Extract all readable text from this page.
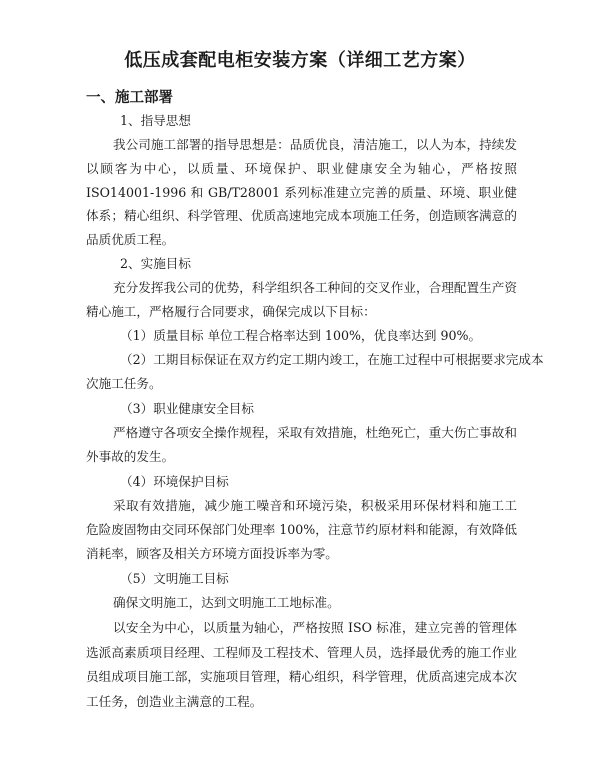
低压成套配电柜安装方案（详细工艺方案）
一、施工部署
1、指导思想
我公司施工部署的指导思想是：品质优良，清洁施工，以人为本，持续发
以顾客为中心，以质量、环境保护、职业健康安全为轴心，严格按照
ISO14001-1996 和 GB/T28001 系列标准建立完善的质量、环境、职业健
体系；精心组织、科学管理、优质高速地完成本项施工任务，创造顾客满意的
品质优质工程。
2、实施目标
充分发挥我公司的优势，科学组织各工种间的交叉作业，合理配置生产资
精心施工，严格履行合同要求，确保完成以下目标：
（1）质量目标 单位工程合格率达到 100%，优良率达到 90%。
（2）工期目标保证在双方约定工期内竣工，在施工过程中可根据要求完成本
次施工任务。
（3）职业健康安全目标
严格遵守各项安全操作规程，采取有效措施，杜绝死亡，重大伤亡事故和
外事故的发生。
（4）环境保护目标
采取有效措施，减少施工噪音和环境污染，积极采用环保材料和施工工
危险废固物由交同环保部门处理率 100%，注意节约原材料和能源，有效降低
消耗率，顾客及相关方环境方面投诉率为零。
（5）文明施工目标
确保文明施工，达到文明施工工地标准。
以安全为中心，以质量为轴心，严格按照 ISO 标准，建立完善的管理体
选派高素质项目经理、工程师及工程技术、管理人员，选择最优秀的施工作业
员组成项目施工部，实施项目管理，精心组织，科学管理，优质高速完成本次
工任务，创造业主满意的工程。
